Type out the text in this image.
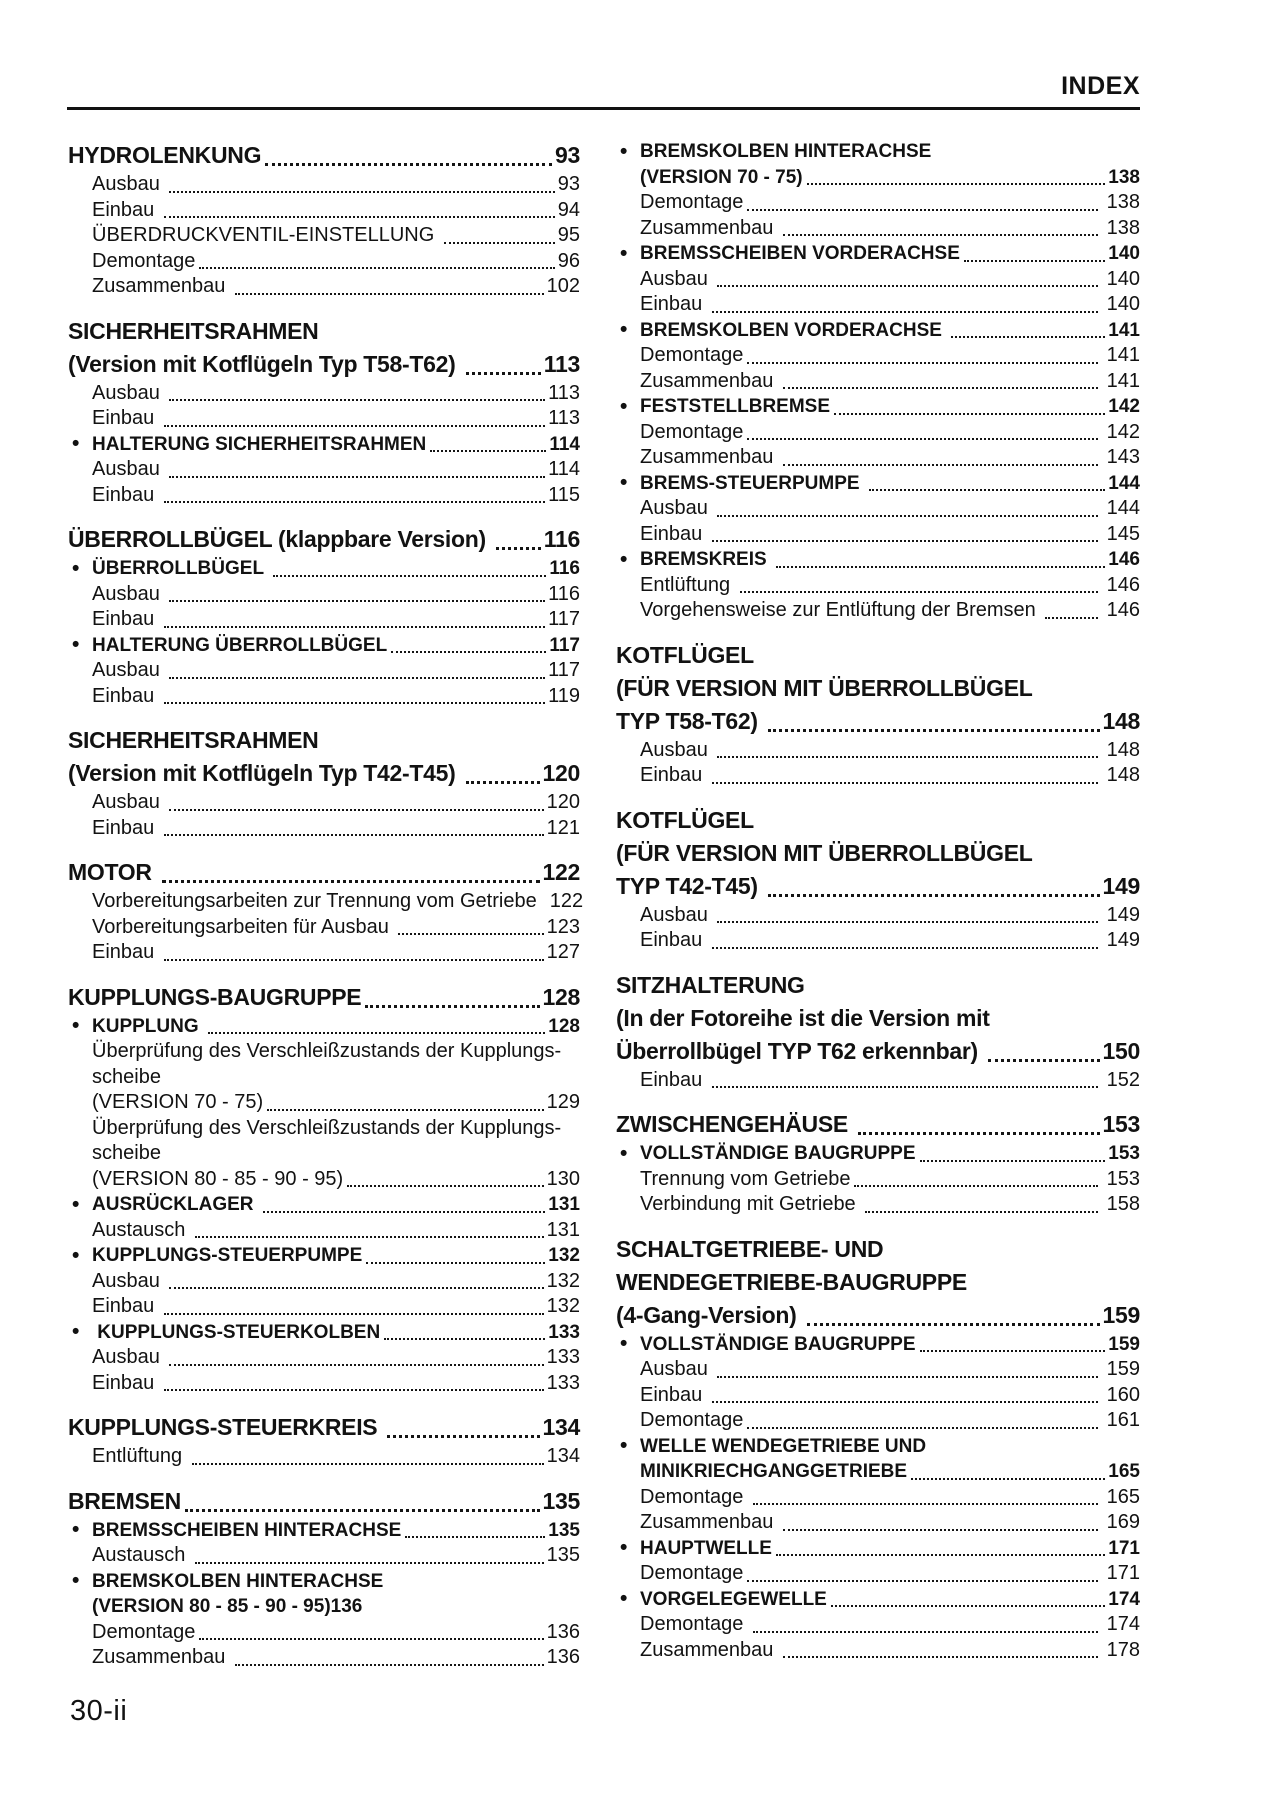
INDEX
HYDROLENKUNG	93
Ausbau	93
Einbau	94
ÜBERDRUCKVENTIL-EINSTELLUNG	95
Demontage	96
Zusammenbau	102
SICHERHEITSRAHMEN
(Version mit Kotflügeln Typ T58-T62)	113
Ausbau	113
Einbau	113
• HALTERUNG SICHERHEITSRAHMEN	114
Ausbau	114
Einbau	115
ÜBERROLLBÜGEL (klappbare Version) 116
• ÜBERROLLBÜGEL	116
Ausbau	116
Einbau	117
• HALTERUNG ÜBERROLLBÜGEL	117
Ausbau	117
Einbau	119
SICHERHEITSRAHMEN
(Version mit Kotflügeln Typ T42-T45)	120
Ausbau	120
Einbau	121
MOTOR	122
Vorbereitungsarbeiten zur Trennung vom Getriebe 122
Vorbereitungsarbeiten für Ausbau	123
Einbau	127
KUPPLUNGS-BAUGRUPPE	128
• KUPPLUNG	128
Überprüfung des Verschleißzustands der Kupplungs-
scheibe
(VERSION 70 - 75)	129
Überprüfung des Verschleißzustands der Kupplungs-
scheibe
(VERSION 80 - 85 - 90 - 95)	130
• AUSRÜCKLAGER	131
Austausch	131
• KUPPLUNGS-STEUERPUMPE	132
Ausbau	132
Einbau	132
• KUPPLUNGS-STEUERKOLBEN	133
Ausbau	133
Einbau	133
KUPPLUNGS-STEUERKREIS	134
Entlüftung	134
BREMSEN	135
• BREMSSCHEIBEN HINTERACHSE	135
Austausch	135
• BREMSKOLBEN HINTERACHSE
(VERSION 80 - 85 - 90 - 95) 136
Demontage	136
Zusammenbau	136
• BREMSKOLBEN HINTERACHSE
(VERSION 70 - 75)	138
Demontage	138
Zusammenbau	138
• BREMSSCHEIBEN VORDERACHSE	140
Ausbau	140
Einbau	140
• BREMSKOLBEN VORDERACHSE	141
Demontage	141
Zusammenbau	141
• FESTSTELLBREMSE	142
Demontage	142
Zusammenbau	143
• BREMS-STEUERPUMPE	144
Ausbau	144
Einbau	145
• BREMSKREIS	146
Entlüftung	146
Vorgehensweise zur Entlüftung der Bremsen	146
KOTFLÜGEL
(FÜR VERSION MIT ÜBERROLLBÜGEL
TYP T58-T62)	148
Ausbau	148
Einbau	148
KOTFLÜGEL
(FÜR VERSION MIT ÜBERROLLBÜGEL
TYP T42-T45)	149
Ausbau	149
Einbau	149
SITZHALTERUNG
(In der Fotoreihe ist die Version mit
Überrollbügel TYP T62 erkennbar)	150
Einbau	152
ZWISCHENGEHÄUSE	153
• VOLLSTÄNDIGE BAUGRUPPE	153
Trennung vom Getriebe	153
Verbindung mit Getriebe	158
SCHALTGETRIEBE- UND
WENDEGETRIEBE-BAUGRUPPE
(4-Gang-Version)	159
• VOLLSTÄNDIGE BAUGRUPPE	159
Ausbau	159
Einbau	160
Demontage	161
• WELLE WENDEGETRIEBE UND
MINIKRIECHGANGGETRIEBE	165
Demontage	165
Zusammenbau	169
• HAUPTWELLE	171
Demontage	171
• VORGELEGEWELLE	174
Demontage	174
Zusammenbau	178
30-ii
